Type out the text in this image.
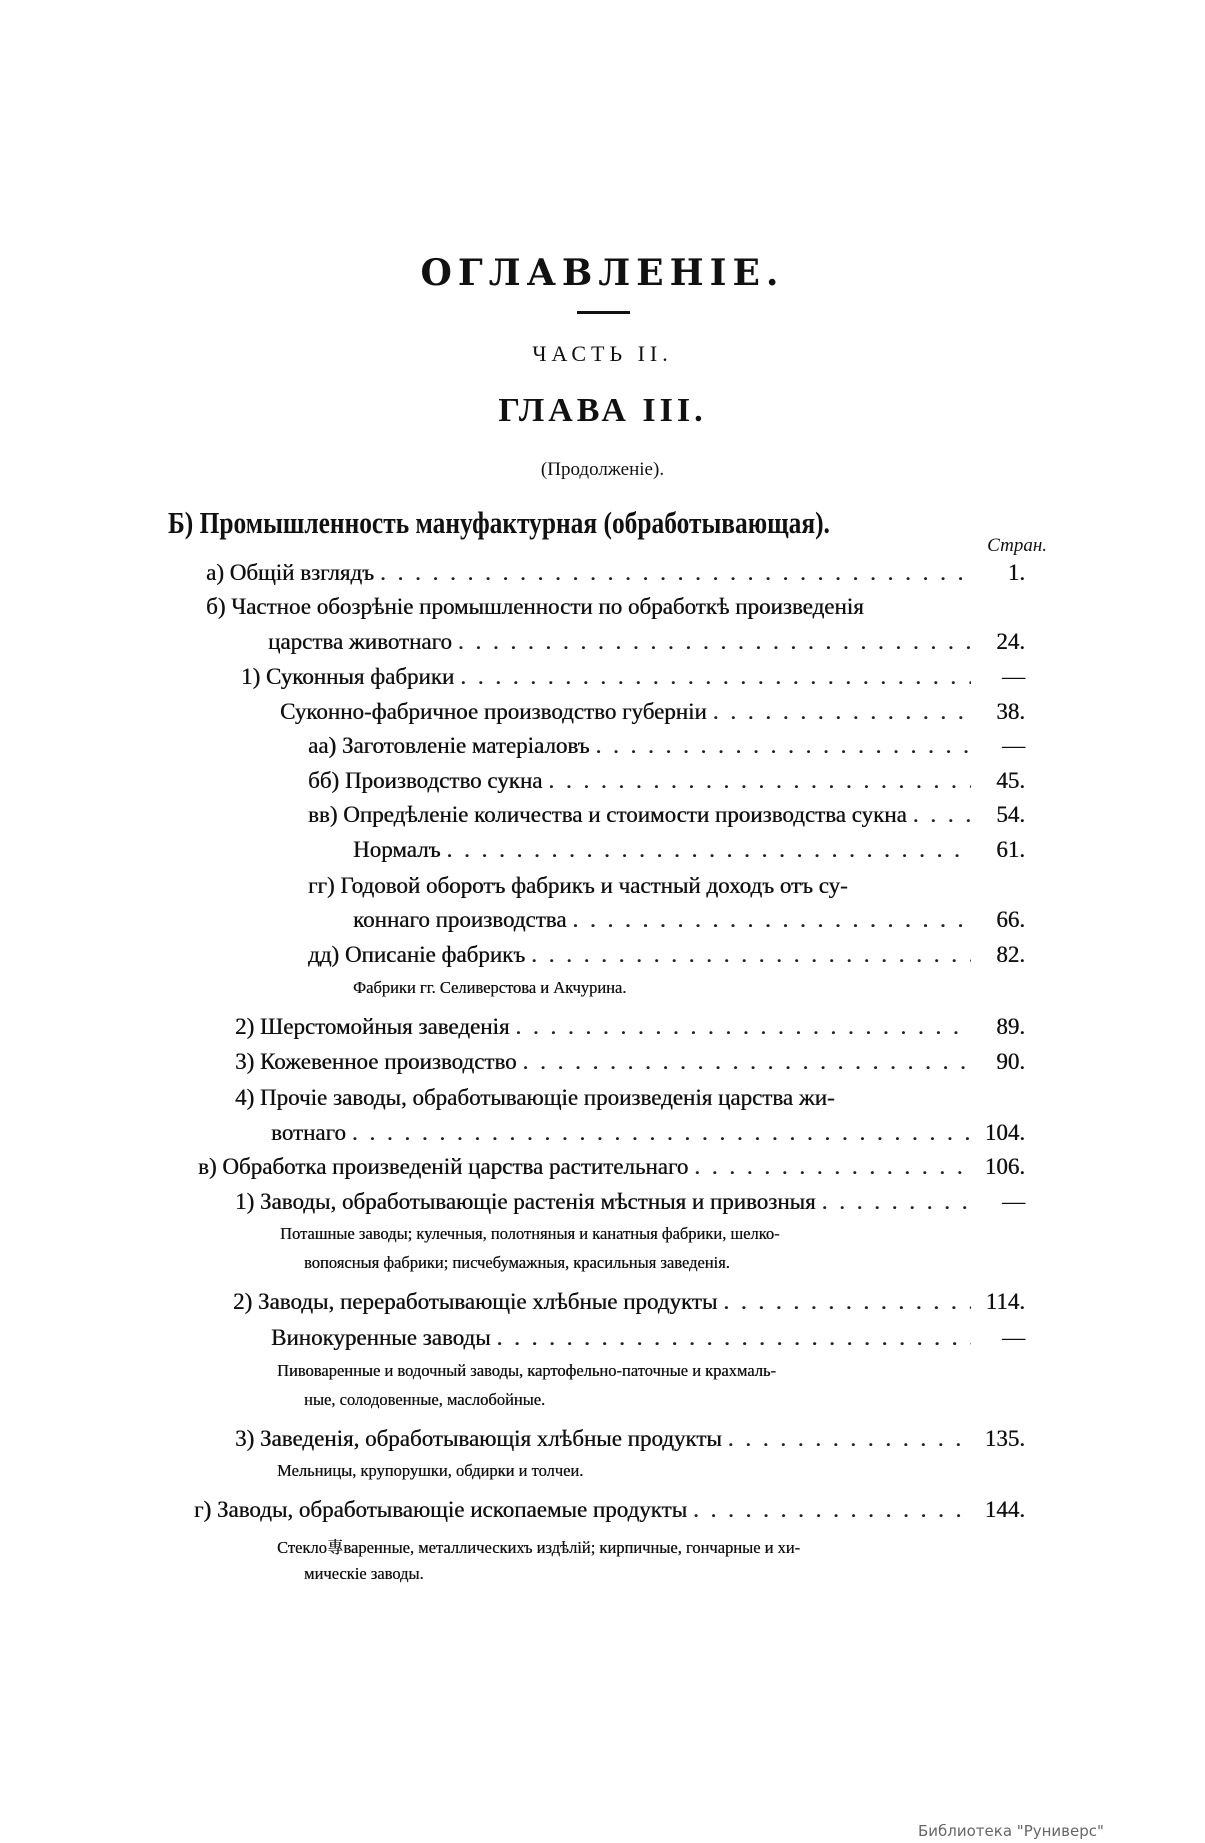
ОГЛАВЛЕНІЕ.
ЧАСТЬ II.
ГЛАВА III.
(Продолженіе).
Б) Промышленность мануфактурная (обработывающая).
Стран.
а) Общій взглядъ . . .	1.
б) Частное обозрѣніе промышленности по обработкѣ произведенія
царства животнаго . . .	24.
1) Суконныя фабрики . . .	—
Суконно-фабричное производство губерніи . . .	38.
аа) Заготовленіе матеріаловъ . . .	—
бб) Производство сукна . . .	45.
вв) Опредѣленіе количества и стоимости производства сукна . . .	54.
Нормалъ . . .	61.
гг) Годовой оборотъ фабрикъ и частный доходъ отъ су-
коннаго производства . . .	66.
дд) Описаніе фабрикъ . . .	82.
Фабрики гг. Селиверстова и Акчурина.
2) Шерстомойныя заведенія . . .	89.
3) Кожевенное производство . . .	90.
4) Прочіе заводы, обработывающіе произведенія царства жи-
вотнаго . . .	104.
в) Обработка произведеній царства растительнаго . . .	106.
1) Заводы, обработывающіе растенія мѣстныя и привозныя . . .	—
Поташные заводы; кулечныя, полотняныя и канатныя фабрики, шелко-
вопоясныя фабрики; писчебумажныя, красильныя заведенія.
2) Заводы, переработывающіе хлѣбные продукты . . .	114.
Винокуренные заводы . . .	—
Пивоваренные и водочный заводы, картофельно-паточные и крахмаль-
ные, солодовенные, маслобойные.
3) Заведенія, обработывающія хлѣбные продукты . . .	135.
Мельницы, крупорушки, обдирки и толчеи.
г) Заводы, обработывающіе ископаемые продукты . . .	144.
Стекло專варенные, металлическихъ издѣлій; кирпичные, гончарные и хи-
мическіе заводы.
Библиотека "Руниверс"
